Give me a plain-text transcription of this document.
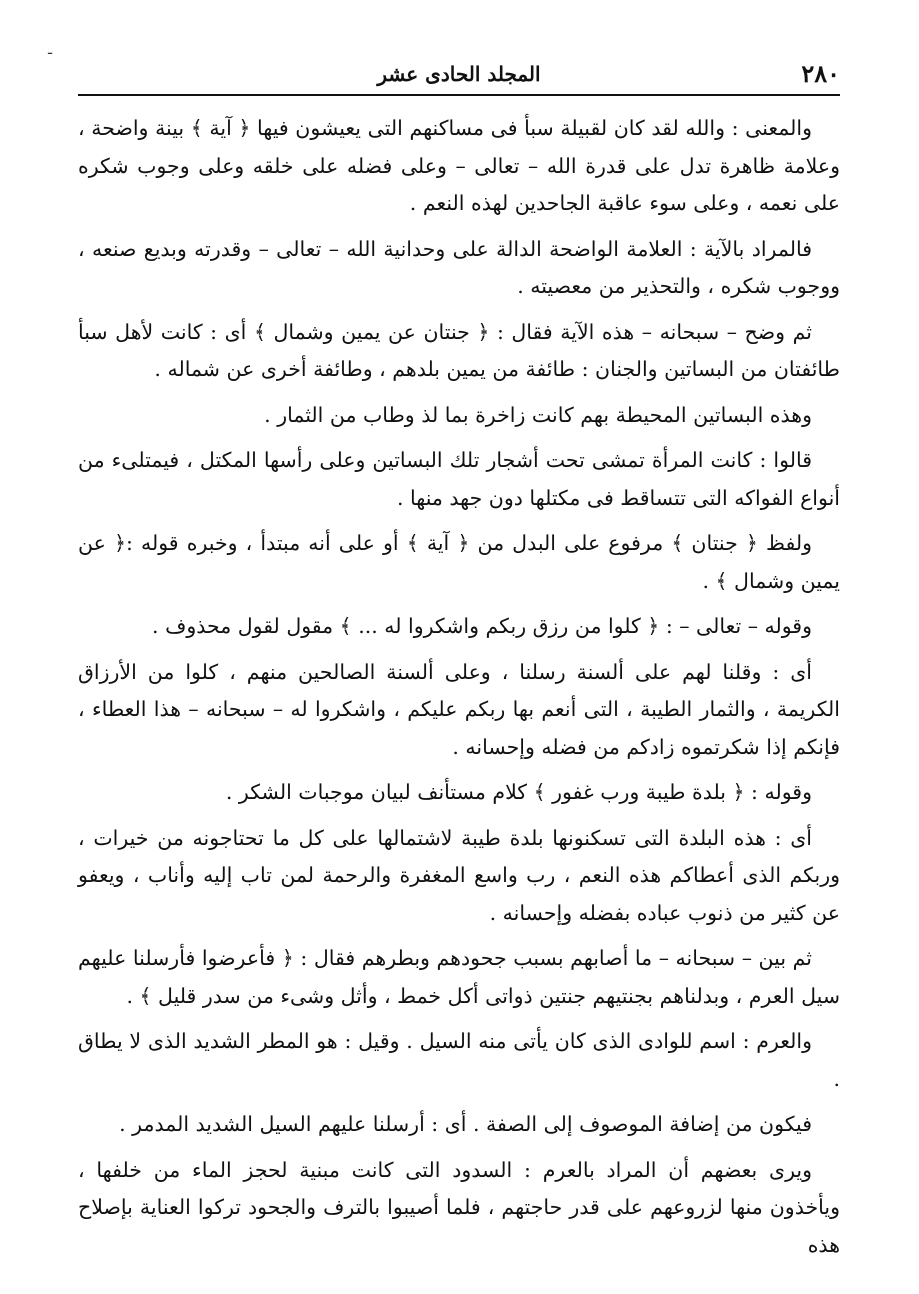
ـ
٢٨٠
المجلد الحادى عشر

والمعنى : والله لقد كان لقبيلة سبأ فى مساكنهم التى يعيشون فيها ﴿ آية ﴾ بينة واضحة ، وعلامة ظاهرة تدل على قدرة الله – تعالى – وعلى فضله على خلقه وعلى وجوب شكره على نعمه ، وعلى سوء عاقبة الجاحدين لهذه النعم .

فالمراد بالآية : العلامة الواضحة الدالة على وحدانية الله – تعالى – وقدرته وبديع صنعه ، ووجوب شكره ، والتحذير من معصيته .

ثم وضح – سبحانه – هذه الآية فقال : ﴿ جنتان عن يمين وشمال ﴾ أى : كانت لأهل سبأ طائفتان من البساتين والجنان : طائفة من يمين بلدهم ، وطائفة أخرى عن شماله .

وهذه البساتين المحيطة بهم كانت زاخرة بما لذ وطاب من الثمار .

قالوا : كانت المرأة تمشى تحت أشجار تلك البساتين وعلى رأسها المكتل ، فيمتلىء من أنواع الفواكه التى تتساقط فى مكتلها دون جهد منها .

ولفظ ﴿ جنتان ﴾ مرفوع على البدل من ﴿ آية ﴾ أو على أنه مبتدأ ، وخبره قوله :﴿ عن يمين وشمال ﴾ .

وقوله – تعالى – : ﴿ كلوا من رزق ربكم واشكروا له ... ﴾ مقول لقول محذوف .

أى : وقلنا لهم على ألسنة رسلنا ، وعلى ألسنة الصالحين منهم ، كلوا من الأرزاق الكريمة ، والثمار الطيبة ، التى أنعم بها ربكم عليكم ، واشكروا له – سبحانه – هذا العطاء ، فإنكم إذا شكرتموه زادكم من فضله وإحسانه .

وقوله : ﴿ بلدة طيبة ورب غفور ﴾ كلام مستأنف لبيان موجبات الشكر .

أى : هذه البلدة التى تسكنونها بلدة طيبة لاشتمالها على كل ما تحتاجونه من خيرات ، وربكم الذى أعطاكم هذه النعم ، رب واسع المغفرة والرحمة لمن تاب إليه وأناب ، ويعفو عن كثير من ذنوب عباده بفضله وإحسانه .

ثم بين – سبحانه – ما أصابهم بسبب جحودهم وبطرهم فقال : ﴿ فأعرضوا فأرسلنا عليهم سيل العرم ، وبدلناهم بجنتيهم جنتين ذواتى أكل خمط ، وأثل وشىء من سدر قليل ﴾ .

والعرم : اسم للوادى الذى كان يأتى منه السيل . وقيل : هو المطر الشديد الذى لا يطاق .

فيكون من إضافة الموصوف إلى الصفة . أى : أرسلنا عليهم السيل الشديد المدمر .

ويرى بعضهم أن المراد بالعرم : السدود التى كانت مبنية لحجز الماء من خلفها ، ويأخذون منها لزروعهم على قدر حاجتهم ، فلما أصيبوا بالترف والجحود تركوا العناية بإصلاح هذه
